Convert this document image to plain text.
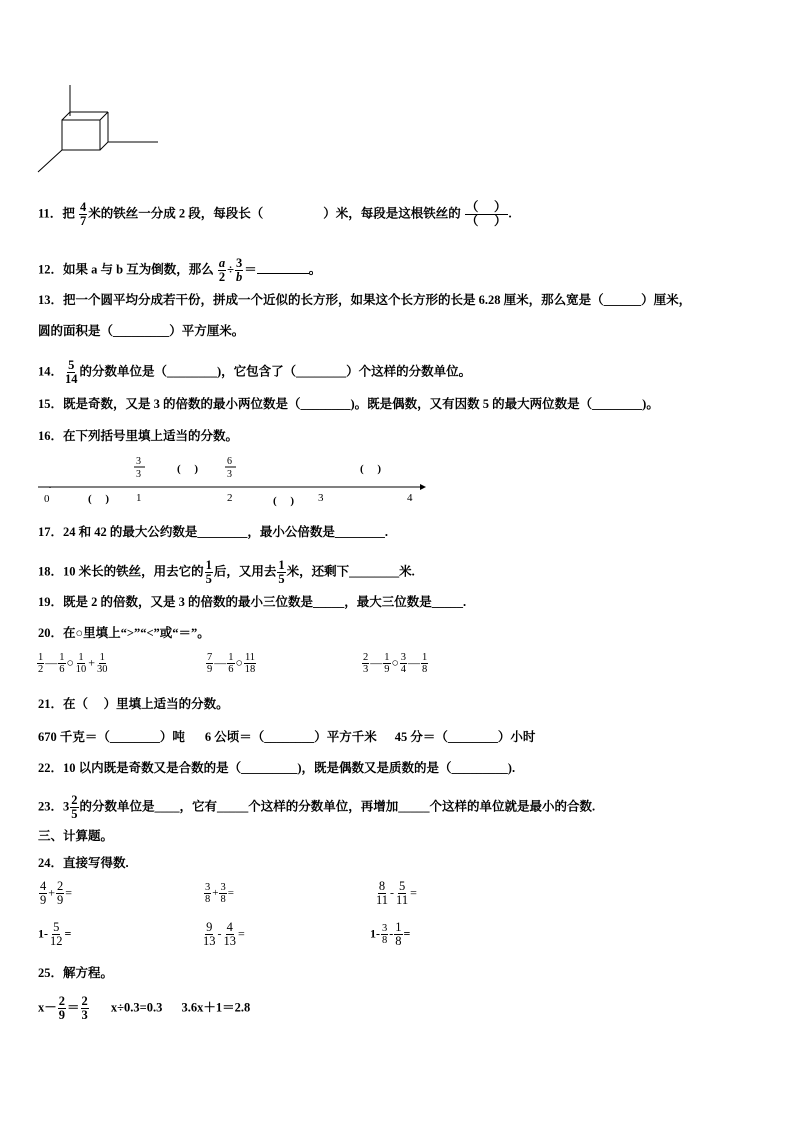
11．把 $\frac{4}{7}$ 米的铁丝一分成 2 段，每段长（	）米，每段是这根铁丝的 $\frac{( )}{( )}$ .
12．如果 a 与 b 互为倒数，那么 $\frac{a}{2} \div \frac{3}{b}$ ＝	。
13．把一个圆平均分成若干份，拼成一个近似的长方形，如果这个长方形的长是 6.28 厘米，那么宽是（______）厘米，
圆的面积是（_________）平方厘米。
14． $\frac{5}{14}$ 的分数单位是（________)，它包含了（________）个这样的分数单位。
15．既是奇数，又是 3 的倍数的最小两位数是（________)。既是偶数，又有因数 5 的最大两位数是（________)。
16．在下列括号里填上适当的分数。
0	1	2	3	4
(　 )	(　 )
(　 )	(　 )
3
3
6
3
17．24 和 42 的最大公约数是________，最小公倍数是________.
18．10 米长的铁丝，用去它的 $\frac{1}{5}$ 后，又用去 $\frac{1}{5}$ 米，还剩下________米.
19．既是 2 的倍数，又是 3 的倍数的最小三位数是_____，最大三位数是_____.
20．在○里填上“>”“<”或“＝”。
$\frac{1}{2}$ — $\frac{1}{6}$ ○ $\frac{1}{10} + \frac{1}{30}$	$\frac{7}{9}$ — $\frac{1}{6}$ ○ $\frac{11}{18}$	$\frac{2}{3}$ — $\frac{1}{9}$ ○ $\frac{3}{4}$ — $\frac{1}{8}$
21．在（　 ）里填上适当的分数。
670 千克＝（________）吨 6 公顷＝（________）平方千米 45 分＝（________）小时
22．10 以内既是奇数又是合数的是（_________)，既是偶数又是质数的是（_________).
23．$3 \frac{2}{5}$ 的分数单位是____，它有_____个这样的分数单位，再增加_____个这样的单位就是最小的合数.
三、计算题。
24．直接写得数.
$\frac{4}{9} + \frac{2}{9}$ =	$\frac{3}{8} + \frac{3}{8}$ =	$\frac{8}{11} - \frac{5}{11}$ =
$1- \frac{5}{12}$ =	$\frac{9}{13} - \frac{4}{13}$ =	$1- \frac{3}{8} - \frac{1}{8}$ =
25．解方程。
$x- \frac{2}{9} = \frac{2}{3} x\div 0.3=0.3$ 3.6x＋1＝2.8
